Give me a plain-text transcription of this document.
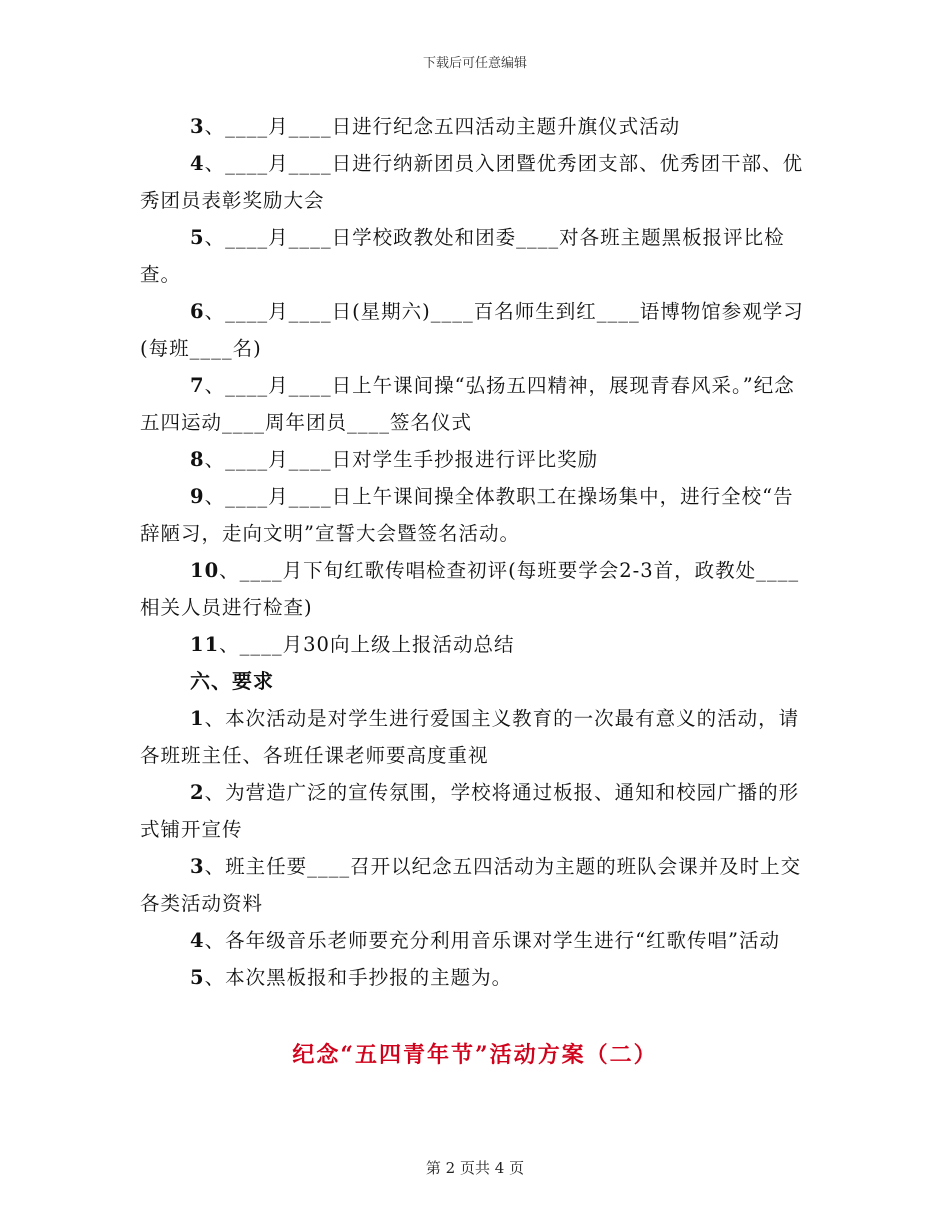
下载后可任意编辑

3、____月____日进行纪念五四活动主题升旗仪式活动

4、____月____日进行纳新团员入团暨优秀团支部、优秀团干部、优秀团员表彰奖励大会

5、____月____日学校政教处和团委____对各班主题黑板报评比检查。

6、____月____日(星期六)____百名师生到红____语博物馆参观学习(每班____名)

7、____月____日上午课间操“弘扬五四精神，展现青春风采。”纪念五四运动____周年团员____签名仪式

8、____月____日对学生手抄报进行评比奖励

9、____月____日上午课间操全体教职工在操场集中，进行全校“告辞陋习，走向文明”宣誓大会暨签名活动。

10、____月下旬红歌传唱检查初评(每班要学会2-3首，政教处____相关人员进行检查)

11、____月30向上级上报活动总结

六、要求

1、本次活动是对学生进行爱国主义教育的一次最有意义的活动，请各班班主任、各班任课老师要高度重视

2、为营造广泛的宣传氛围，学校将通过板报、通知和校园广播的形式铺开宣传

3、班主任要____召开以纪念五四活动为主题的班队会课并及时上交各类活动资料

4、各年级音乐老师要充分利用音乐课对学生进行“红歌传唱”活动

5、本次黑板报和手抄报的主题为。

纪念“五四青年节”活动方案（二）
第 2 页共 4 页
